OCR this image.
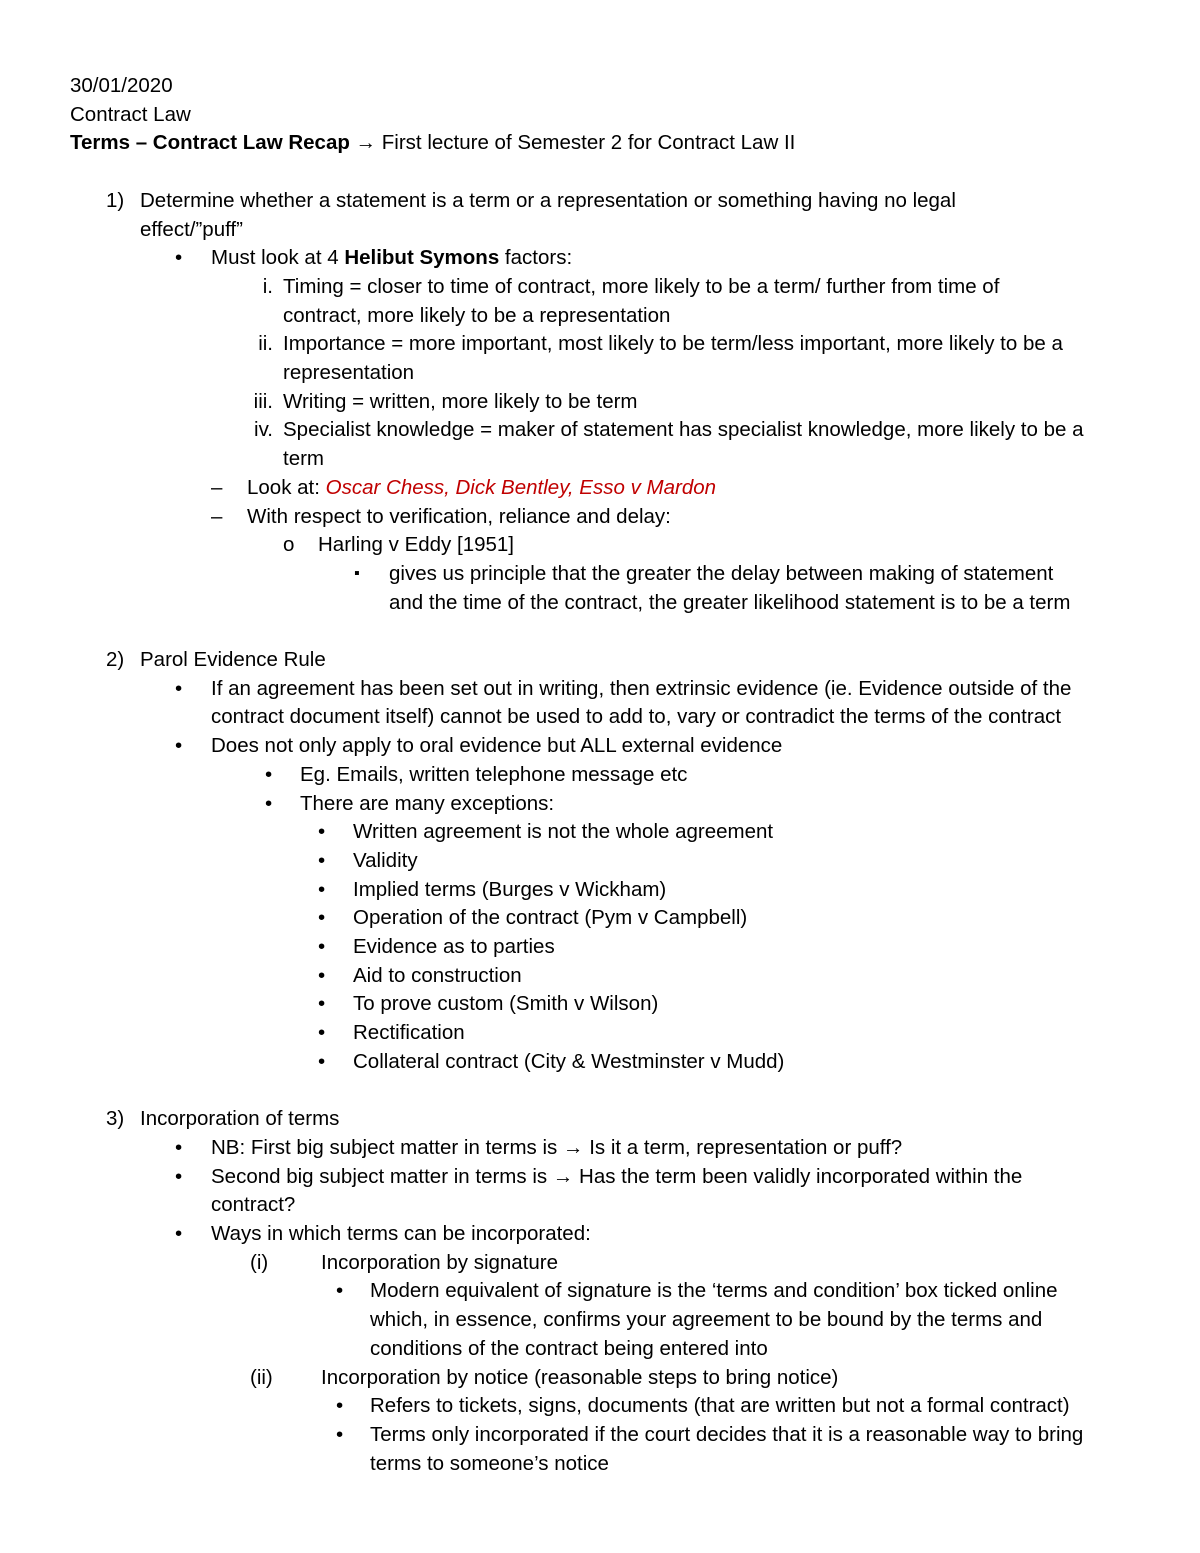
30/01/2020
Contract Law
Terms – Contract Law Recap → First lecture of Semester 2 for Contract Law II
1) Determine whether a statement is a term or a representation or something having no legal
effect/”puff”
• Must look at 4 Helibut Symons factors:
i. Timing = closer to time of contract, more likely to be a term/ further from time of
contract, more likely to be a representation
ii. Importance = more important, most likely to be term/less important, more likely to be a
representation
iii. Writing = written, more likely to be term
iv. Specialist knowledge = maker of statement has specialist knowledge, more likely to be a
term
– Look at: Oscar Chess, Dick Bentley, Esso v Mardon
– With respect to verification, reliance and delay:
o Harling v Eddy [1951]
▪ gives us principle that the greater the delay between making of statement
and the time of the contract, the greater likelihood statement is to be a term
2) Parol Evidence Rule
• If an agreement has been set out in writing, then extrinsic evidence (ie. Evidence outside of the
contract document itself) cannot be used to add to, vary or contradict the terms of the contract
• Does not only apply to oral evidence but ALL external evidence
• Eg. Emails, written telephone message etc
• There are many exceptions:
• Written agreement is not the whole agreement
• Validity
• Implied terms (Burges v Wickham)
• Operation of the contract (Pym v Campbell)
• Evidence as to parties
• Aid to construction
• To prove custom (Smith v Wilson)
• Rectification
• Collateral contract (City & Westminster v Mudd)
3) Incorporation of terms
• NB: First big subject matter in terms is → Is it a term, representation or puff?
• Second big subject matter in terms is → Has the term been validly incorporated within the
contract?
• Ways in which terms can be incorporated:
(i)	Incorporation by signature
• Modern equivalent of signature is the ‘terms and condition’ box ticked online
which, in essence, confirms your agreement to be bound by the terms and
conditions of the contract being entered into
(ii) Incorporation by notice (reasonable steps to bring notice)
• Refers to tickets, signs, documents (that are written but not a formal contract)
• Terms only incorporated if the court decides that it is a reasonable way to bring
terms to someone’s notice
